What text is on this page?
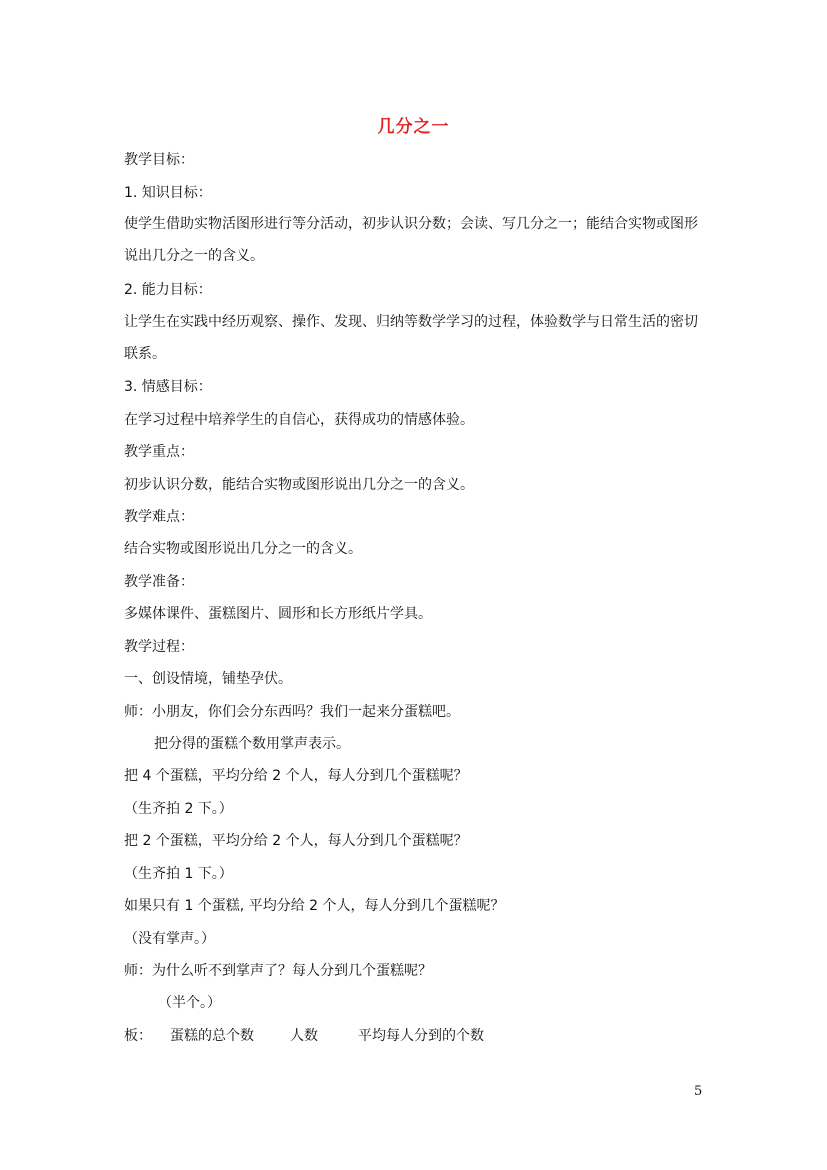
几分之一
教学目标：
1. 知识目标：
使学生借助实物活图形进行等分活动，初步认识分数；会读、写几分之一；能结合实物或图形说出几分之一的含义。
2. 能力目标：
让学生在实践中经历观察、操作、发现、归纳等数学学习的过程，体验数学与日常生活的密切联系。
3. 情感目标：
在学习过程中培养学生的自信心，获得成功的情感体验。
教学重点：
初步认识分数，能结合实物或图形说出几分之一的含义。
教学难点：
结合实物或图形说出几分之一的含义。
教学准备：
多媒体课件、蛋糕图片、圆形和长方形纸片学具。
教学过程：
一、创设情境，铺垫孕伏。
师：小朋友，你们会分东西吗？我们一起来分蛋糕吧。
把分得的蛋糕个数用掌声表示。
把 4 个蛋糕，平均分给 2 个人，每人分到几个蛋糕呢？
（生齐拍 2 下。）
把 2 个蛋糕，平均分给 2 个人，每人分到几个蛋糕呢？
（生齐拍 1 下。）
如果只有 1 个蛋糕, 平均分给 2 个人，每人分到几个蛋糕呢？
（没有掌声。）
师：为什么听不到掌声了？每人分到几个蛋糕呢？
（半个。）
板： 蛋糕的总个数	人数	平均每人分到的个数
5
